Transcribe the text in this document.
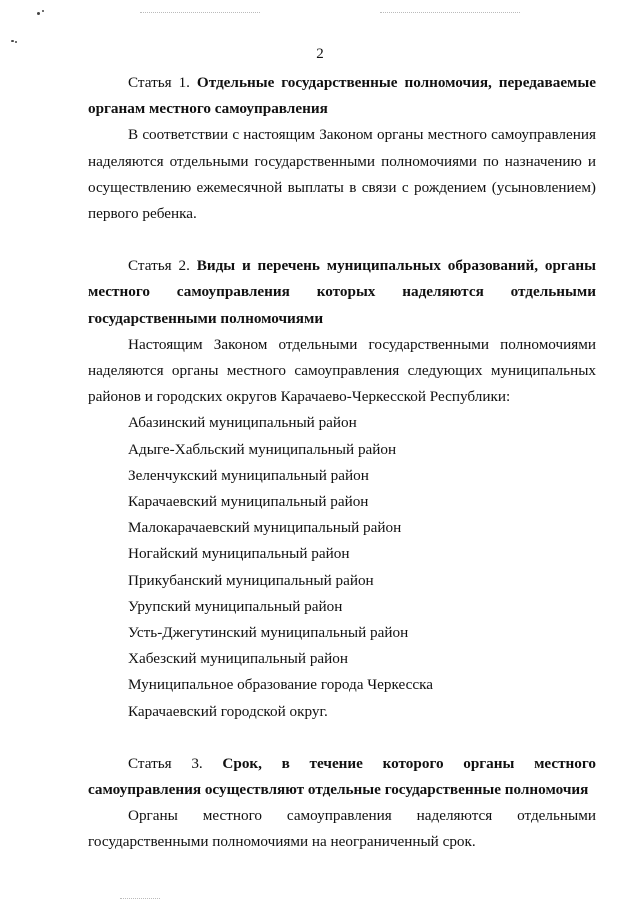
2

Статья 1. Отдельные государственные полномочия, передаваемые органам местного самоуправления

В соответствии с настоящим Законом органы местного самоуправления наделяются отдельными государственными полномочиями по назначению и осуществлению ежемесячной выплаты в связи с рождением (усыновлением) первого ребенка.

Статья 2. Виды и перечень муниципальных образований, органы местного самоуправления которых наделяются отдельными государственными полномочиями

Настоящим Законом отдельными государственными полномочиями наделяются органы местного самоуправления следующих муниципальных районов и городских округов Карачаево-Черкесской Республики:

Абазинский муниципальный район
Адыге-Хабльский муниципальный район
Зеленчукский муниципальный район
Карачаевский муниципальный район
Малокарачаевский муниципальный район
Ногайский муниципальный район
Прикубанский муниципальный район
Урупский муниципальный район
Усть-Джегутинский муниципальный район
Хабезский муниципальный район
Муниципальное образование города Черкесска
Карачаевский городской округ.

Статья 3. Срок, в течение которого органы местного самоуправления осуществляют отдельные государственные полномочия

Органы местного самоуправления наделяются отдельными государственными полномочиями на неограниченный срок.
